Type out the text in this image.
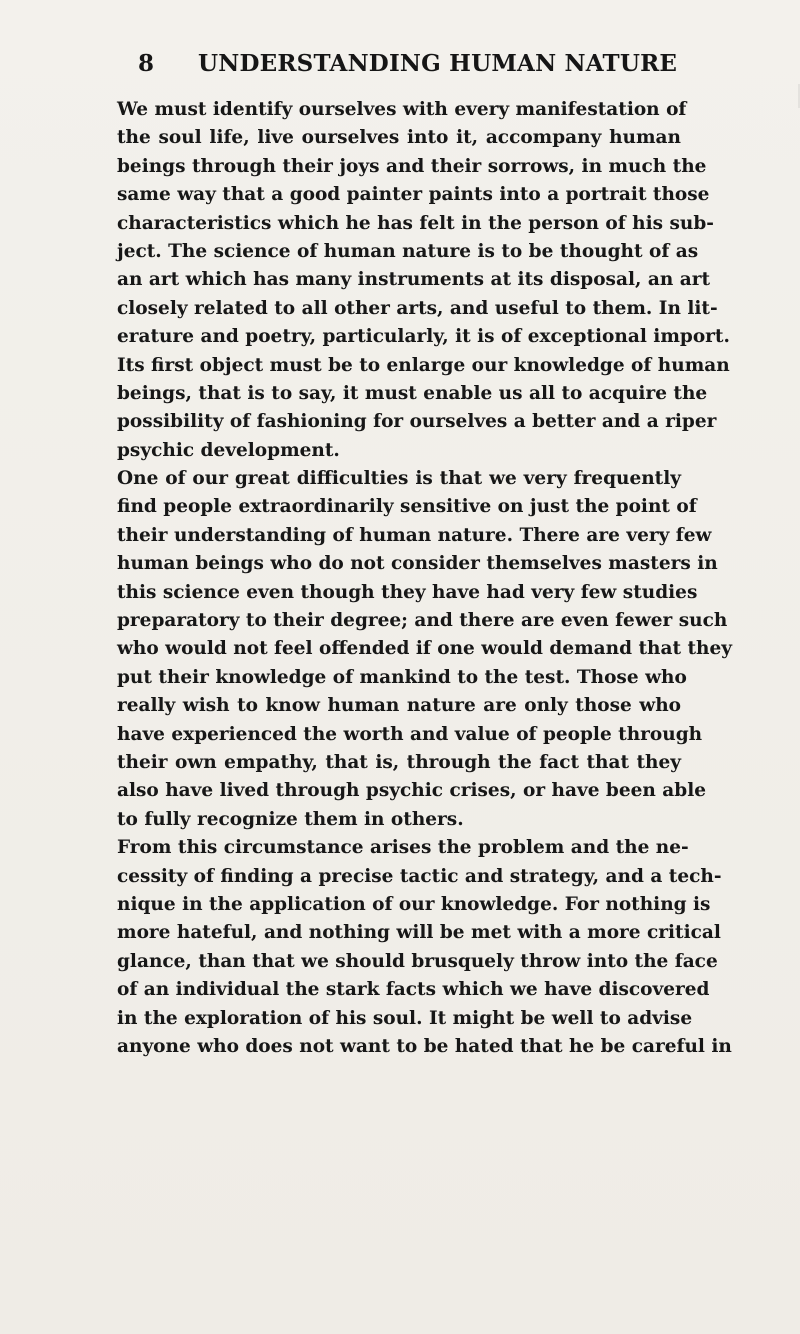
8 UNDERSTANDING HUMAN NATURE
We must identify ourselves with every manifestation of
the soul life, live ourselves into it, accompany human
beings through their joys and their sorrows, in much the
same way that a good painter paints into a portrait those
characteristics which he has felt in the person of his sub-
ject. The science of human nature is to be thought of as
an art which has many instruments at its disposal, an art
closely related to all other arts, and useful to them. In lit-
erature and poetry, particularly, it is of exceptional import.
Its first object must be to enlarge our knowledge of human
beings, that is to say, it must enable us all to acquire the
possibility of fashioning for ourselves a better and a riper
psychic development.
One of our great difficulties is that we very frequently
find people extraordinarily sensitive on just the point of
their understanding of human nature. There are very few
human beings who do not consider themselves masters in
this science even though they have had very few studies
preparatory to their degree; and there are even fewer such
who would not feel offended if one would demand that they
put their knowledge of mankind to the test. Those who
really wish to know human nature are only those who
have experienced the worth and value of people through
their own empathy, that is, through the fact that they
also have lived through psychic crises, or have been able
to fully recognize them in others.
From this circumstance arises the problem and the ne-
cessity of finding a precise tactic and strategy, and a tech-
nique in the application of our knowledge. For nothing is
more hateful, and nothing will be met with a more critical
glance, than that we should brusquely throw into the face
of an individual the stark facts which we have discovered
in the exploration of his soul. It might be well to advise
anyone who does not want to be hated that he be careful in
